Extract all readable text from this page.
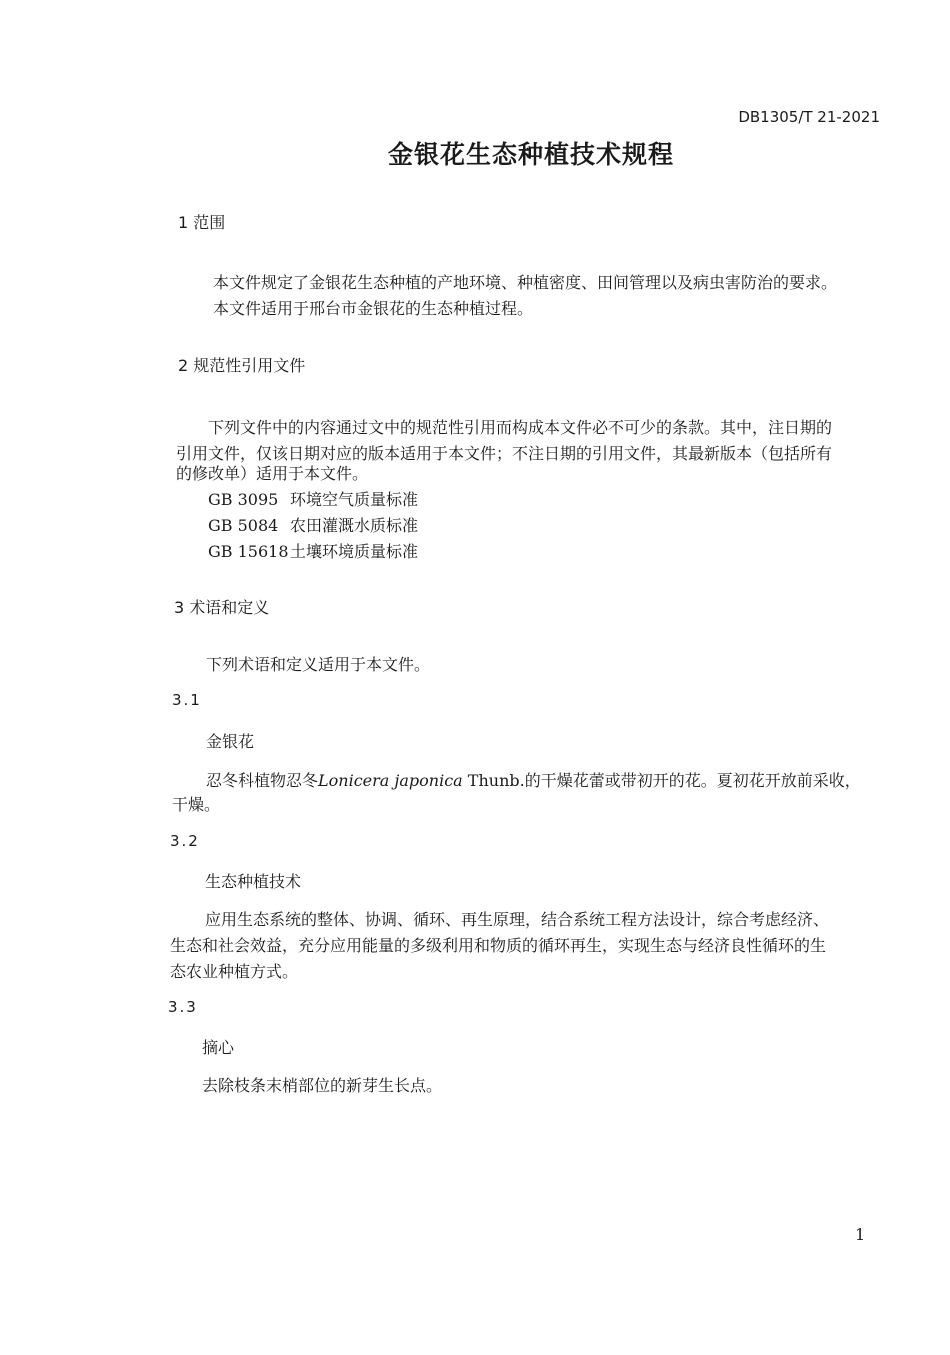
DB1305/T 21-2021
金银花生态种植技术规程
1 范围
本文件规定了金银花生态种植的产地环境、种植密度、田间管理以及病虫害防治的要求。
本文件适用于邢台市金银花的生态种植过程。
2 规范性引用文件
下列文件中的内容通过文中的规范性引用而构成本文件必不可少的条款。其中，注日期的
引用文件，仅该日期对应的版本适用于本文件；不注日期的引用文件，其最新版本（包括所有
的修改单）适用于本文件。
GB 3095 环境空气质量标准
GB 5084 农田灌溉水质标准
GB 15618土壤环境质量标准
3 术语和定义
下列术语和定义适用于本文件。
3.1
金银花
忍冬科植物忍冬Lonicera japonica Thunb.的干燥花蕾或带初开的花。夏初花开放前采收，
干燥。
3.2
生态种植技术
应用生态系统的整体、协调、循环、再生原理，结合系统工程方法设计，综合考虑经济、
生态和社会效益，充分应用能量的多级利用和物质的循环再生，实现生态与经济良性循环的生
态农业种植方式。
3.3
摘心
去除枝条末梢部位的新芽生长点。
1
